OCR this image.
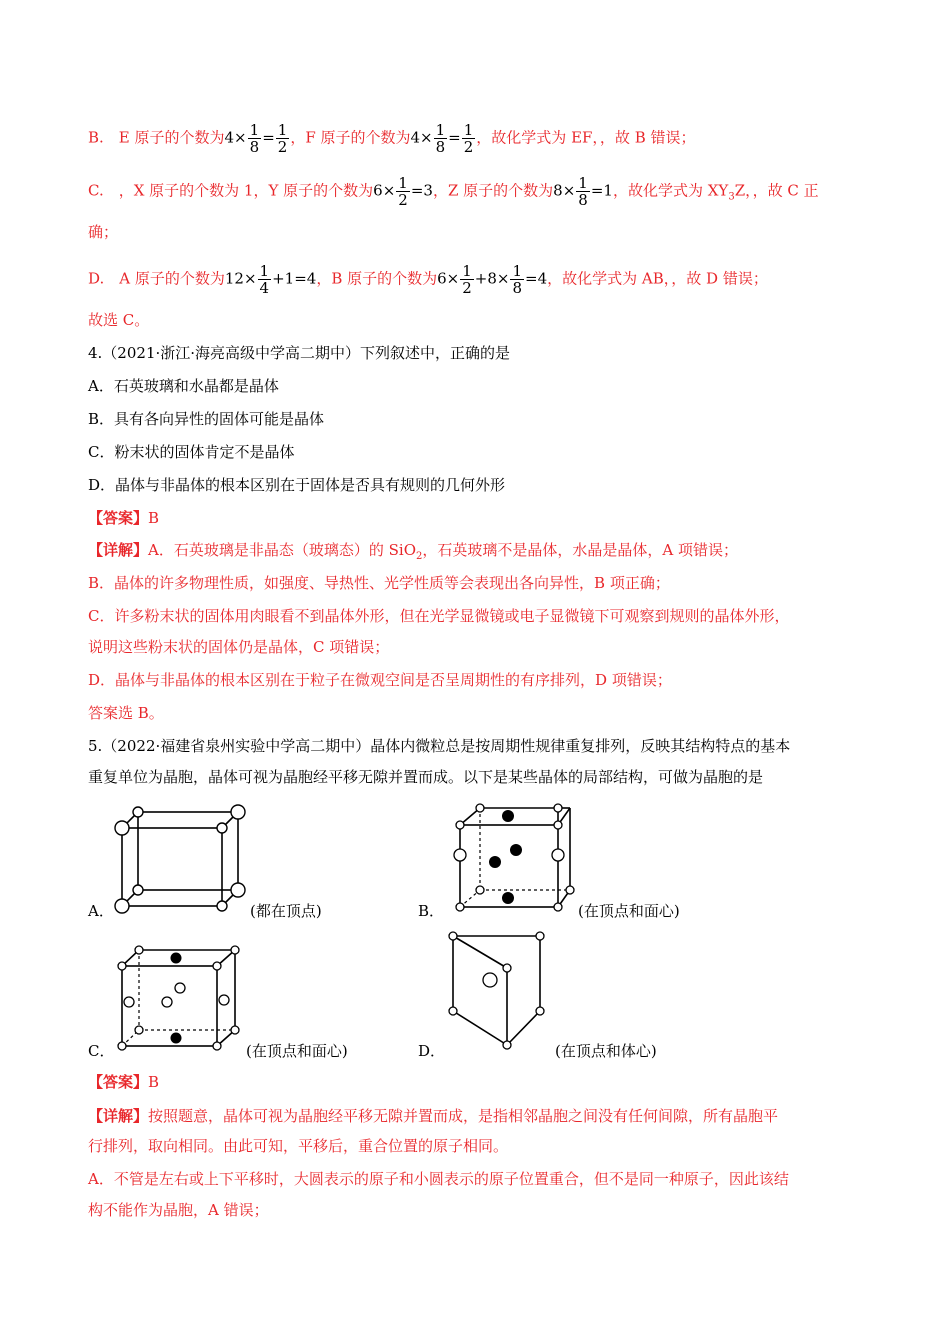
B.　E 原子的个数为$4\times \frac{1}{8} = \frac{1}{2}$ ，F 原子的个数为$4\times \frac{1}{8} = \frac{1}{2}$ ，故化学式为 EF，，故 B 错误；
C.　，X 原子的个数为 1，Y 原子的个数为$6\times \frac{1}{2} =3$，Z 原子的个数为$8\times \frac{1}{8} =1$，故化学式为 $XY_3Z$，，故 C 正
确；
D.　A 原子的个数为$12\times \frac{1}{4} +1=4$，B 原子的个数为$6\times \frac{1}{2} +8\times \frac{1}{8} =4$，故化学式为 AB，，故 D 错误；
故选 C。
4.（2021·浙江·海亮高级中学高二期中）下列叙述中，正确的是
A．石英玻璃和水晶都是晶体
B．具有各向异性的固体可能是晶体
C．粉末状的固体肯定不是晶体
D．晶体与非晶体的根本区别在于固体是否具有规则的几何外形
【答案】B
【详解】A．石英玻璃是非晶态（玻璃态）的 SiO$_2$，石英玻璃不是晶体，水晶是晶体，A 项错误；
B．晶体的许多物理性质，如强度、导热性、光学性质等会表现出各向异性，B 项正确；
C．许多粉末状的固体用肉眼看不到晶体外形，但在光学显微镜或电子显微镜下可观察到规则的晶体外形，
说明这些粉末状的固体仍是晶体，C 项错误；
D．晶体与非晶体的根本区别在于粒子在微观空间是否呈周期性的有序排列，D 项错误；
答案选 B。
5.（2022·福建省泉州实验中学高二期中）晶体内微粒总是按周期性规律重复排列，反映其结构特点的基本
重复单位为晶胞，晶体可视为晶胞经平移无隙并置而成。以下是某些晶体的局部结构，可做为晶胞的是
A．	(都在顶点)	B．	(在顶点和面心)
C．	(在顶点和面心)	D．	(在顶点和体心)
【答案】B
【详解】按照题意，晶体可视为晶胞经平移无隙并置而成，是指相邻晶胞之间没有任何间隙，所有晶胞平
行排列，取向相同。由此可知，平移后，重合位置的原子相同。
A．不管是左右或上下平移时，大圆表示的原子和小圆表示的原子位置重合，但不是同一种原子，因此该结
构不能作为晶胞，A 错误；
